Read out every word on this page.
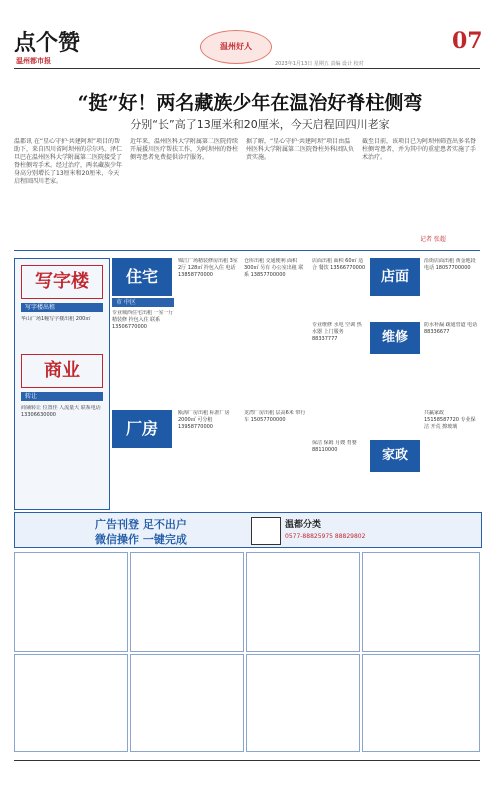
点个赞
温州都市报
温州好人	07
2023年1月13日 星期五 责编 设计 校对
“挺”好！两名藏族少年在温治好脊柱侧弯
分别“长”高了13厘米和20厘米，今天启程回四川老家
温都讯 在“星心守护·共建阿坝”项目的帮助下，来自四川省阿坝州的尕尔玛、泽仁旦巴在温州医科大学附属第二医院接受了脊柱侧弯手术。经过治疗，两名藏族少年身高分别增长了13厘米和20厘米，今天启程回四川老家。
近年来，温州医科大学附属第二医院持续开展援川医疗帮扶工作，为阿坝州的脊柱侧弯患者免费提供诊疗服务。
据了解，“星心守护·共建阿坝”项目由温州医科大学附属第二医院脊柱外科团队负责实施。
截至目前，该项目已为阿坝州筛查出多名脊柱侧弯患者，并为其中的重症患者实施了手术治疗。
记者 张超
写字楼
写字楼出租
华山广场1幢写字楼出租 200㎡
商业
转让
商铺转让 位置佳 人流量大 联系电话 13306630000
住宅
市 中区
专业城西住宅出租 一室一厅 精装修 拎包入住 联系 13506770000
锦江广场精装修房出租 3室2厅 128㎡ 拎包入住 电话 13858770000
仓库出租 交通便利 面积 300㎡ 另有 办公室出租 联系 13857700000	店面
店面出租 面积 60㎡ 适合 餐饮 13566770000
沿街店面出租 黄金地段 电话 18057700000
维修
专业维修 水电 空调 热水器 上门服务 88337777
防水补漏 疏通管道 电话 88336677
厂房
瓯海厂房出租 标准厂房 2000㎡ 可分租 13958770000
龙湾厂房出租 层高6米 带行车 15057700000
家政
保洁 保姆 月嫂 育婴 88110000
共赢家政 15158587720 专业保洁 开荒 擦玻璃
广告刊登 足不出户
微信操作 一键完成
温都分类
0577-88825975 88829802
